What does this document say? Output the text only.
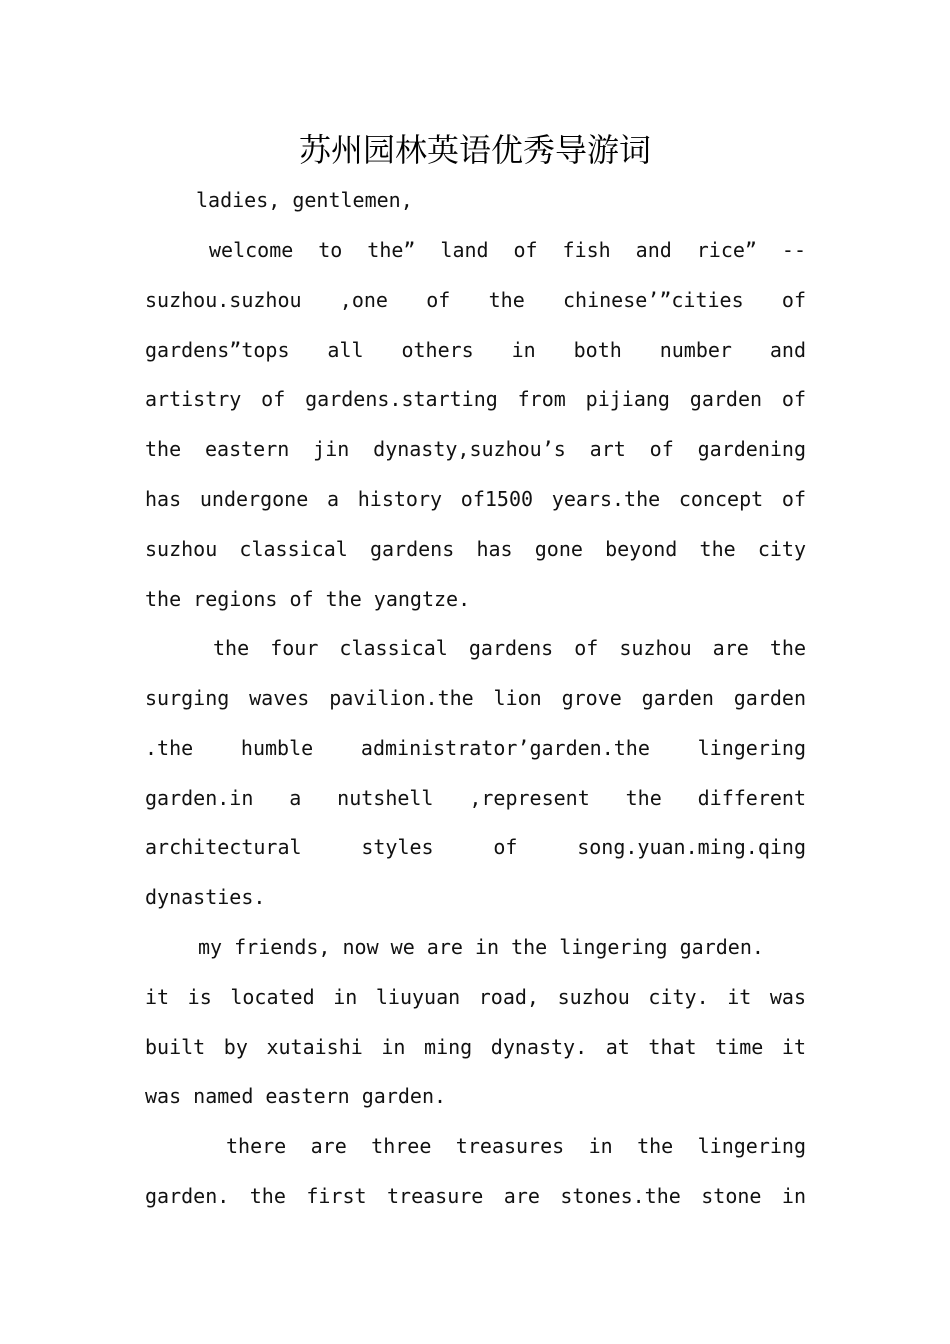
苏州园林英语优秀导游词
ladies, gentlemen,
welcome to the” land of fish and rice” --
suzhou.suzhou ,one of the chinese’”cities of
gardens”tops all others in both number and
artistry of gardens.starting from pijiang garden of
the eastern jin dynasty,suzhou’s art of gardening
has undergone a history of1500 years.the concept of
suzhou classical gardens has gone beyond the city
the regions of the yangtze.
the four classical gardens of suzhou are the
surging waves pavilion.the lion grove garden garden
.the humble administrator’garden.the lingering
garden.in a nutshell ,represent the different
architectural styles of song.yuan.ming.qing
dynasties.
my friends, now we are in the lingering garden.
it is located in liuyuan road, suzhou city. it was
built by xutaishi in ming dynasty. at that time it
was named eastern garden.
there are three treasures in the lingering
garden. the first treasure are stones.the stone in
